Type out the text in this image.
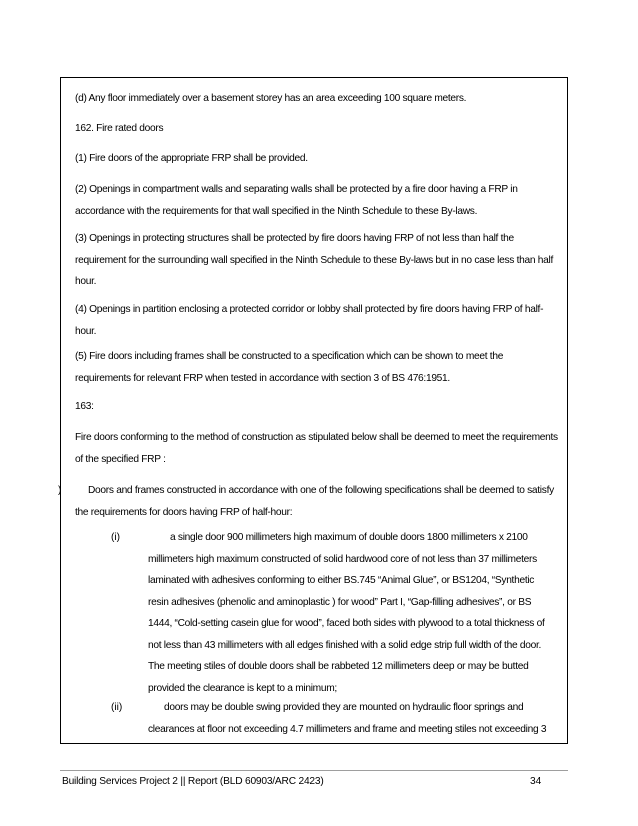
(d) Any floor immediately over a basement storey has an area exceeding 100 square meters.
162. Fire rated doors
(1) Fire doors of the appropriate FRP shall be provided.
(2) Openings in compartment walls and separating walls shall be protected by a fire door having a FRP in
accordance with the requirements for that wall specified in the Ninth Schedule to these By-laws.
(3) Openings in protecting structures shall be protected by fire doors having FRP of not less than half the
requirement for the surrounding wall specified in the Ninth Schedule to these By-laws but in no case less than half
hour.
(4) Openings in partition enclosing a protected corridor or lobby shall protected by fire doors having FRP of half-
hour.
(5) Fire doors including frames shall be constructed to a specification which can be shown to meet the
requirements for relevant FRP when tested in accordance with section 3 of BS 476:1951.
163:
Fire doors conforming to the method of construction as stipulated below shall be deemed to meet the requirements
of the specified FRP :
)	Doors and frames constructed in accordance with one of the following specifications shall be deemed to satisfy
the requirements for doors having FRP of half-hour:
(i)	a single door 900 millimeters high maximum of double doors 1800 millimeters x 2100
millimeters high maximum constructed of solid hardwood core of not less than 37 millimeters
laminated with adhesives conforming to either BS.745 “Animal Glue”, or BS1204, “Synthetic
resin adhesives (phenolic and aminoplastic ) for wood” Part I, “Gap-filling adhesives”, or BS
1444, “Cold-setting casein glue for wood”, faced both sides with plywood to a total thickness of
not less than 43 millimeters with all edges finished with a solid edge strip full width of the door.
The meeting stiles of double doors shall be rabbeted 12 millimeters deep or may be butted
provided the clearance is kept to a minimum;
(ii)	doors may be double swing provided they are mounted on hydraulic floor springs and
clearances at floor not exceeding 4.7 millimeters and frame and meeting stiles not exceeding 3
Building Services Project 2 || Report (BLD 60903/ARC 2423)	34
